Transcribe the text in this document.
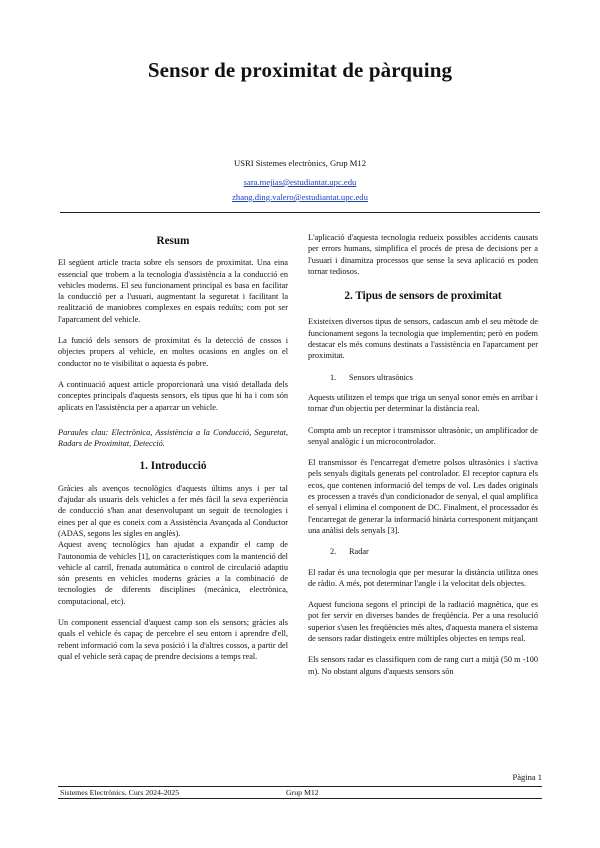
Sensor de proximitat de pàrquing
USRI Sistemes electrònics, Grup M12
sara.mejias@estudiantat.upc.edu
zhang.ding.valero@estudiantat.upc.edu
Resum

El següent article tracta sobre els sensors de proximitat. Una eina essencial que trobem a la tecnologia d'assistència a la conducció en vehicles moderns. El seu funcionament principal es basa en facilitar la conducció per a l'usuari, augmentant la seguretat i facilitant la realització de maniobres complexes en espais reduïts; com pot ser l'aparcament del vehicle.

La funció dels sensors de proximitat és la detecció de cossos i objectes propers al vehicle, en moltes ocasions en angles on el conductor no te visibilitat o aquesta és pobre.

A continuació aquest article proporcionarà una visió detallada dels conceptes principals d'aquests sensors, els tipus que hi ha i com són aplicats en l'assistència per a aparcar un vehicle.

Paraules clau: Electrònica, Assistència a la Conducció, Seguretat, Radars de Proximitat, Detecció.

1. Introducció

Gràcies als avenços tecnològics d'aquests últims anys i per tal d'ajudar als usuaris dels vehicles a fer més fàcil la seva experiència de conducció s'han anat desenvolupant un seguit de tecnologies i eines per al que es coneix com a Assistència Avançada al Conductor (ADAS, segons les sigles en anglès).

Aquest avenç tecnològics han ajudat a expandir el camp de l'autonomia de vehicles [1], on característiques com la mantenció del vehicle al carril, frenada automàtica o control de circulació adaptiu són presents en vehicles moderns gràcies a la combinació de tecnologies de diferents disciplines (mecànica, electrònica, computacional, etc).

Un component essencial d'aquest camp son els sensors; gràcies als quals el vehicle és capaç de percebre el seu entorn i aprendre d'ell, rebent informació com la seva posició i la d'altres cossos, a partir del qual el vehicle serà capaç de prendre decisions a temps real.

L'aplicació d'aquesta tecnologia redueix possibles accidents causats per errors humans, simplifica el procés de presa de decisions per a l'usuari i dinamitza processos que sense la seva aplicació es poden tornar tediosos.

2. Tipus de sensors de proximitat

Existeixen diversos tipus de sensors, cadascun amb el seu mètode de funcionament segons la tecnologia que implementin; però en podem destacar els més comuns destinats a l'assistència en l'aparcament per proximitat.

1. Sensors ultrasònics

Aquests utilitzen el temps que triga un senyal sonor emès en arribar i tornar d'un objectiu per determinar la distància real.

Compta amb un receptor i transmissor ultrasònic, un amplificador de senyal analògic i un microcontrolador.

El transmissor és l'encarregat d'emetre polsos ultrasònics i s'activa pels senyals digitals generats pel controlador. El receptor captura els ecos, que contenen informació del temps de vol. Les dades originals es processen a través d'un condicionador de senyal, el qual amplifica el senyal i elimina el component de DC. Finalment, el processador és l'encarregat de generar la informació binària corresponent mitjançant una anàlisi dels senyals [3].

2. Radar

El radar és una tecnologia que per mesurar la distància utilitza ones de ràdio. A més, pot determinar l'angle i la velocitat dels objectes.

Aquest funciona segons el principi de la radiació magnètica, que es pot fer servir en diverses bandes de freqüència. Per a una resolució superior s'usen les freqüències més altes, d'aquesta manera el sistema de sensors radar distingeix entre múltiples objectes en temps real.

Els sensors radar es classifiquen com de rang curt a mitjà (50 m -100 m). No obstant alguns d'aquests sensors són

Pàgina 1
Sistemes Electrònics. Curs 2024-2025	Grup M12
